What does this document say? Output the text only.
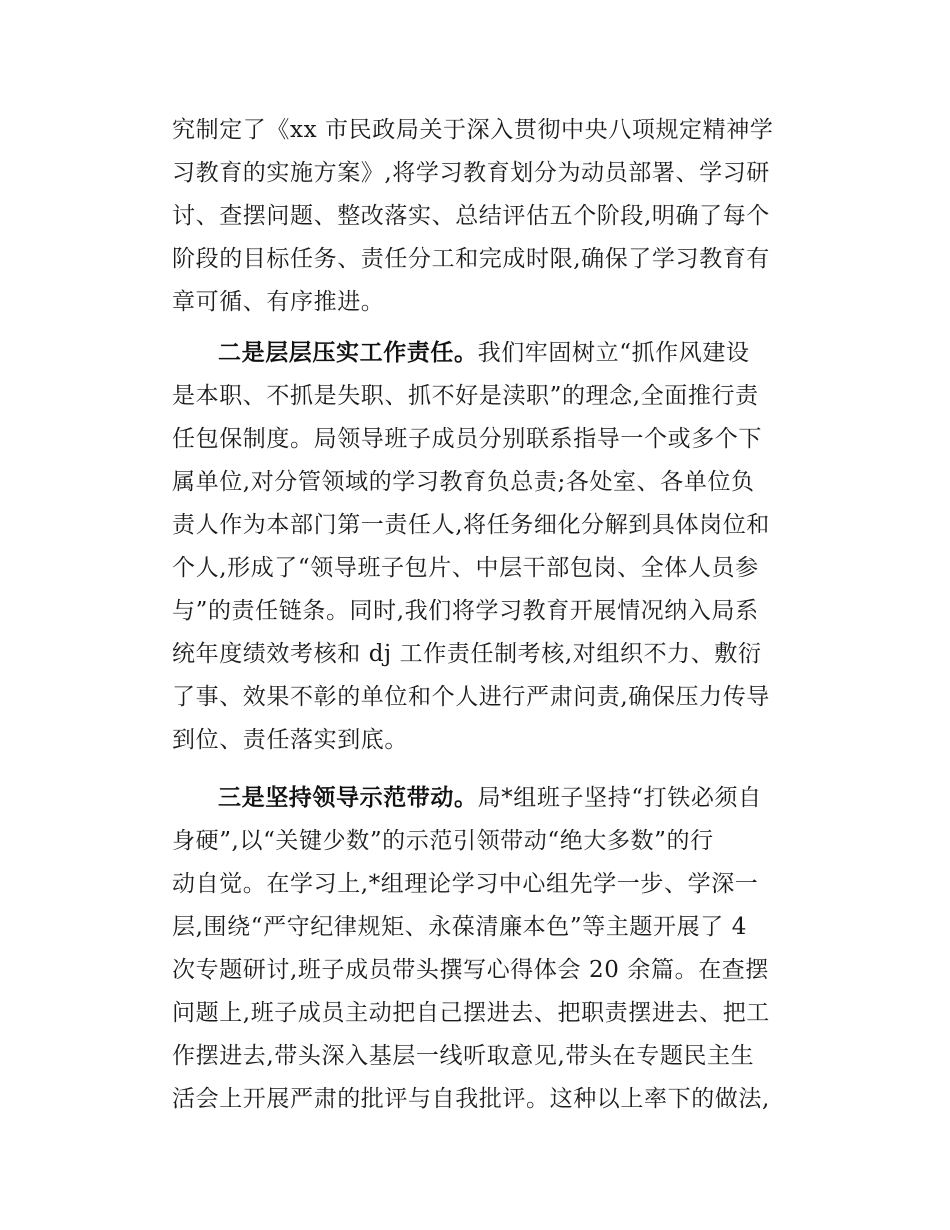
究制定了《xx 市民政局关于深入贯彻中央八项规定精神学
习教育的实施方案》,将学习教育划分为动员部署、学习研
讨、查摆问题、整改落实、总结评估五个阶段,明确了每个
阶段的目标任务、责任分工和完成时限,确保了学习教育有
章可循、有序推进。
二是层层压实工作责任。我们牢固树立“抓作风建设
是本职、不抓是失职、抓不好是渎职”的理念,全面推行责
任包保制度。局领导班子成员分别联系指导一个或多个下
属单位,对分管领域的学习教育负总责;各处室、各单位负
责人作为本部门第一责任人,将任务细化分解到具体岗位和
个人,形成了“领导班子包片、中层干部包岗、全体人员参
与”的责任链条。同时,我们将学习教育开展情况纳入局系
统年度绩效考核和 dj 工作责任制考核,对组织不力、敷衍
了事、效果不彰的单位和个人进行严肃问责,确保压力传导
到位、责任落实到底。
三是坚持领导示范带动。局*组班子坚持“打铁必须自
身硬”,以“关键少数”的示范引领带动“绝大多数”的行
动自觉。在学习上,*组理论学习中心组先学一步、学深一
层,围绕“严守纪律规矩、永葆清廉本色”等主题开展了 4
次专题研讨,班子成员带头撰写心得体会 20 余篇。在查摆
问题上,班子成员主动把自己摆进去、把职责摆进去、把工
作摆进去,带头深入基层一线听取意见,带头在专题民主生
活会上开展严肃的批评与自我批评。这种以上率下的做法,
